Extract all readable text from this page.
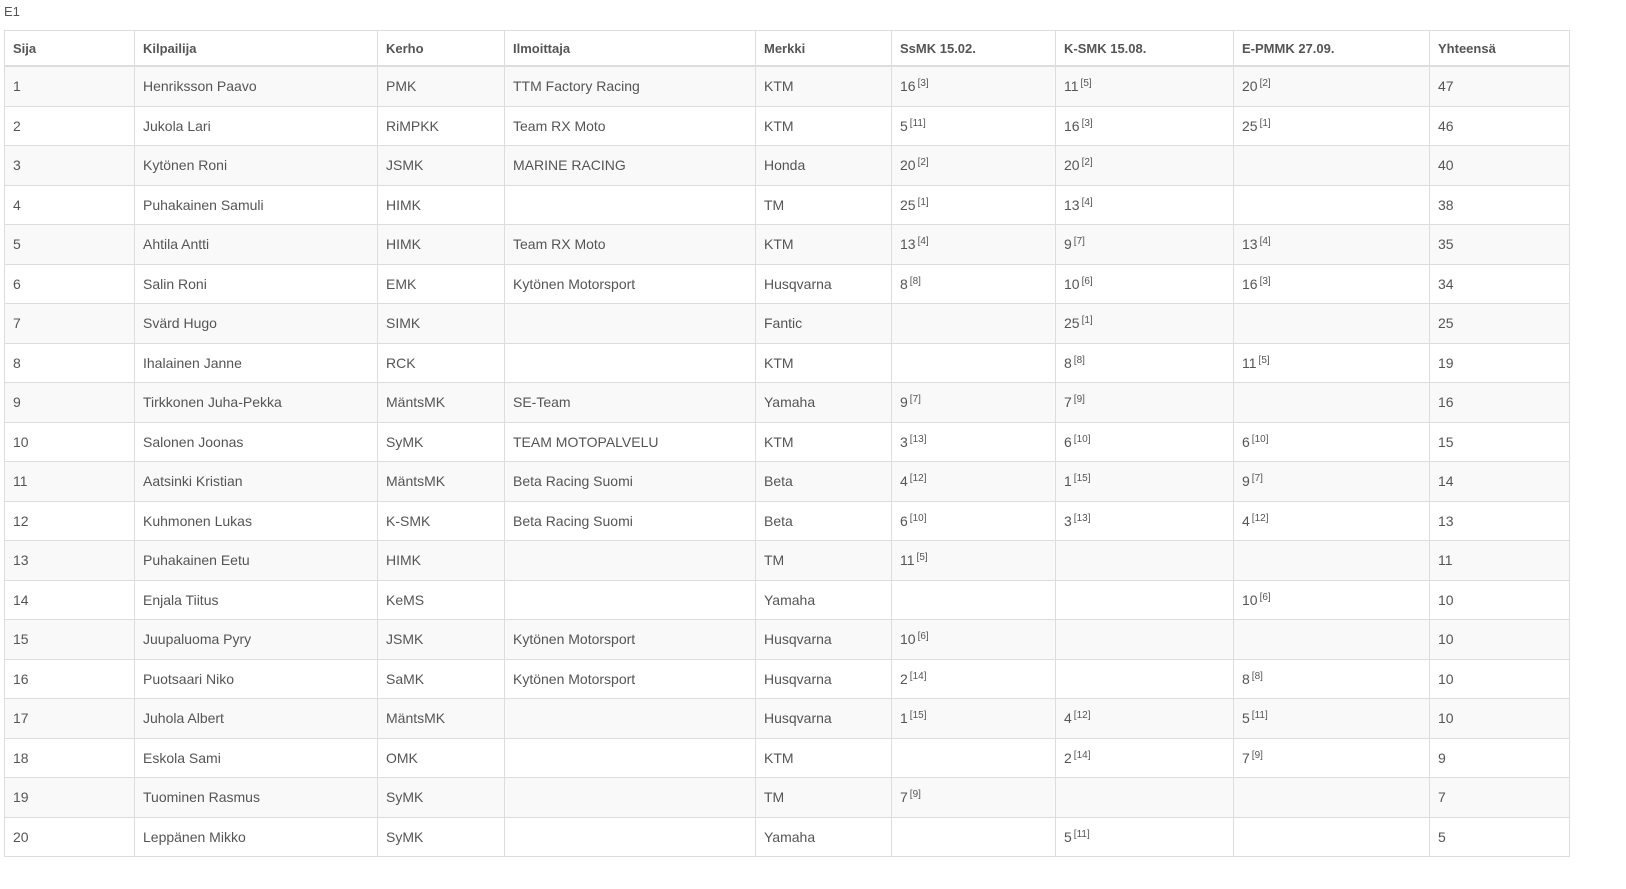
E1
Sija	Kilpailija	Kerho	Ilmoittaja	Merkki	SsMK 15.02.	K-SMK 15.08.	E-PMMK 27.09.	Yhteensä
1	Henriksson Paavo	PMK	TTM Factory Racing	KTM	16 [3]	11 [5]	20 [2]	47
2	Jukola Lari	RiMPKK	Team RX Moto	KTM	5 [11]	16 [3]	25 [1]	46
3	Kytönen Roni	JSMK	MARINE RACING	Honda	20 [2]	20 [2]		40
4	Puhakainen Samuli	HIMK		TM	25 [1]	13 [4]		38
5	Ahtila Antti	HIMK	Team RX Moto	KTM	13 [4]	9 [7]	13 [4]	35
6	Salin Roni	EMK	Kytönen Motorsport	Husqvarna	8 [8]	10 [6]	16 [3]	34
7	Svärd Hugo	SIMK		Fantic		25 [1]		25
8	Ihalainen Janne	RCK		KTM		8 [8]	11 [5]	19
9	Tirkkonen Juha-Pekka	MäntsMK	SE-Team	Yamaha	9 [7]	7 [9]		16
10	Salonen Joonas	SyMK	TEAM MOTOPALVELU	KTM	3 [13]	6 [10]	6 [10]	15
11	Aatsinki Kristian	MäntsMK	Beta Racing Suomi	Beta	4 [12]	1 [15]	9 [7]	14
12	Kuhmonen Lukas	K-SMK	Beta Racing Suomi	Beta	6 [10]	3 [13]	4 [12]	13
13	Puhakainen Eetu	HIMK		TM	11 [5]			11
14	Enjala Tiitus	KeMS		Yamaha			10 [6]	10
15	Juupaluoma Pyry	JSMK	Kytönen Motorsport	Husqvarna	10 [6]			10
16	Puotsaari Niko	SaMK	Kytönen Motorsport	Husqvarna	2 [14]		8 [8]	10
17	Juhola Albert	MäntsMK		Husqvarna	1 [15]	4 [12]	5 [11]	10
18	Eskola Sami	OMK		KTM		2 [14]	7 [9]	9
19	Tuominen Rasmus	SyMK		TM	7 [9]			7
20	Leppänen Mikko	SyMK		Yamaha		5 [11]		5
